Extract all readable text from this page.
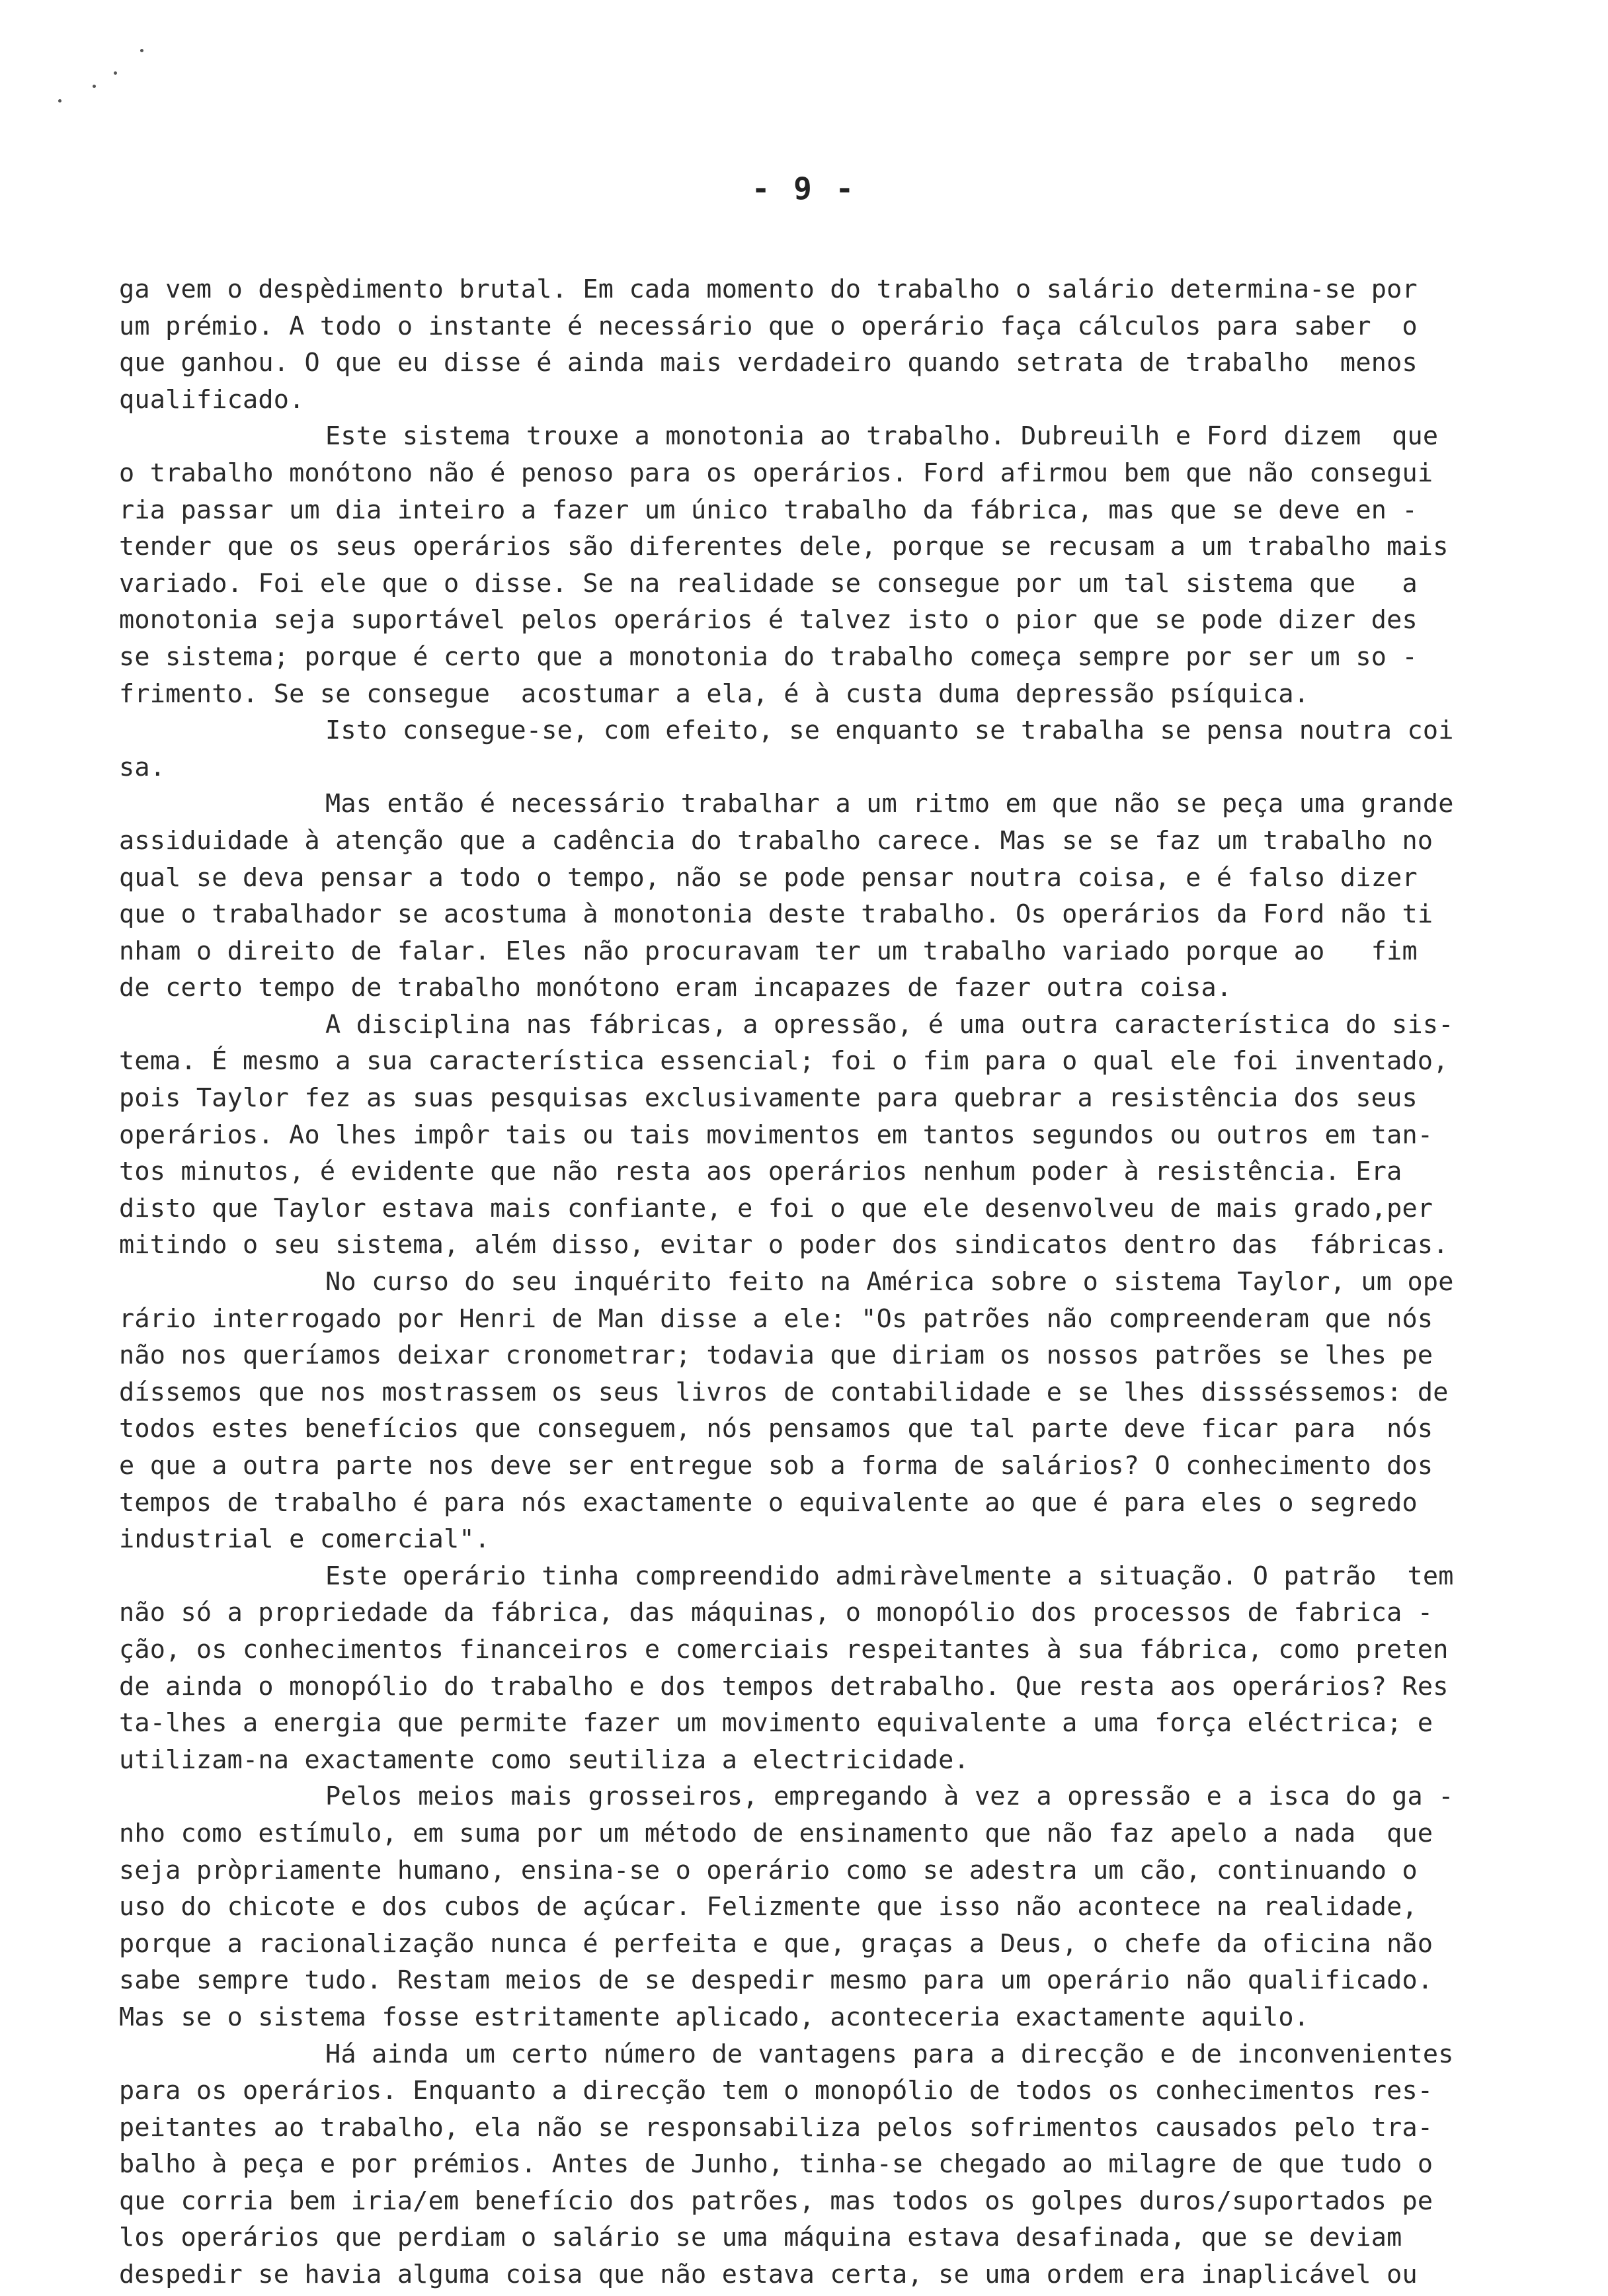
- 9 -
ga vem o despèdimento brutal. Em cada momento do trabalho o salário determina-se por
um prémio. A todo o instante é necessário que o operário faça cálculos para saber  o
que ganhou. O que eu disse é ainda mais verdadeiro quando setrata de trabalho  menos
qualificado.
Este sistema trouxe a monotonia ao trabalho. Dubreuilh e Ford dizem  que
o trabalho monótono não é penoso para os operários. Ford afirmou bem que não consegui
ria passar um dia inteiro a fazer um único trabalho da fábrica, mas que se deve en -
tender que os seus operários são diferentes dele, porque se recusam a um trabalho mais
variado. Foi ele que o disse. Se na realidade se consegue por um tal sistema que   a
monotonia seja suportável pelos operários é talvez isto o pior que se pode dizer des
se sistema; porque é certo que a monotonia do trabalho começa sempre por ser um so -
frimento. Se se consegue  acostumar a ela, é à custa duma depressão psíquica.
Isto consegue-se, com efeito, se enquanto se trabalha se pensa noutra coi
sa.
Mas então é necessário trabalhar a um ritmo em que não se peça uma grande
assiduidade à atenção que a cadência do trabalho carece. Mas se se faz um trabalho no
qual se deva pensar a todo o tempo, não se pode pensar noutra coisa, e é falso dizer
que o trabalhador se acostuma à monotonia deste trabalho. Os operários da Ford não ti
nham o direito de falar. Eles não procuravam ter um trabalho variado porque ao   fim
de certo tempo de trabalho monótono eram incapazes de fazer outra coisa.
A disciplina nas fábricas, a opressão, é uma outra característica do sis-
tema. É mesmo a sua característica essencial; foi o fim para o qual ele foi inventado,
pois Taylor fez as suas pesquisas exclusivamente para quebrar a resistência dos seus
operários. Ao lhes impôr tais ou tais movimentos em tantos segundos ou outros em tan-
tos minutos, é evidente que não resta aos operários nenhum poder à resistência. Era
disto que Taylor estava mais confiante, e foi o que ele desenvolveu de mais grado,per
mitindo o seu sistema, além disso, evitar o poder dos sindicatos dentro das  fábricas.
No curso do seu inquérito feito na América sobre o sistema Taylor, um ope
rário interrogado por Henri de Man disse a ele: "Os patrões não compreenderam que nós
não nos queríamos deixar cronometrar; todavia que diriam os nossos patrões se lhes pe
díssemos que nos mostrassem os seus livros de contabilidade e se lhes dissséssemos: de
todos estes benefícios que conseguem, nós pensamos que tal parte deve ficar para  nós
e que a outra parte nos deve ser entregue sob a forma de salários? O conhecimento dos
tempos de trabalho é para nós exactamente o equivalente ao que é para eles o segredo
industrial e comercial".
Este operário tinha compreendido admiràvelmente a situação. O patrão  tem
não só a propriedade da fábrica, das máquinas, o monopólio dos processos de fabrica -
ção, os conhecimentos financeiros e comerciais respeitantes à sua fábrica, como preten
de ainda o monopólio do trabalho e dos tempos detrabalho. Que resta aos operários? Res
ta-lhes a energia que permite fazer um movimento equivalente a uma força eléctrica; e
utilizam-na exactamente como seutiliza a electricidade.
Pelos meios mais grosseiros, empregando à vez a opressão e a isca do ga -
nho como estímulo, em suma por um método de ensinamento que não faz apelo a nada  que
seja pròpriamente humano, ensina-se o operário como se adestra um cão, continuando o
uso do chicote e dos cubos de açúcar. Felizmente que isso não acontece na realidade,
porque a racionalização nunca é perfeita e que, graças a Deus, o chefe da oficina não
sabe sempre tudo. Restam meios de se despedir mesmo para um operário não qualificado.
Mas se o sistema fosse estritamente aplicado, aconteceria exactamente aquilo.
Há ainda um certo número de vantagens para a direcção e de inconvenientes
para os operários. Enquanto a direcção tem o monopólio de todos os conhecimentos res-
peitantes ao trabalho, ela não se responsabiliza pelos sofrimentos causados pelo tra-
balho à peça e por prémios. Antes de Junho, tinha-se chegado ao milagre de que tudo o
que corria bem iria/em benefício dos patrões, mas todos os golpes duros/suportados pe
los operários que perdiam o salário se uma máquina estava desafinada, que se deviam
despedir se havia alguma coisa que não estava certa, se uma ordem era inaplicável ou
